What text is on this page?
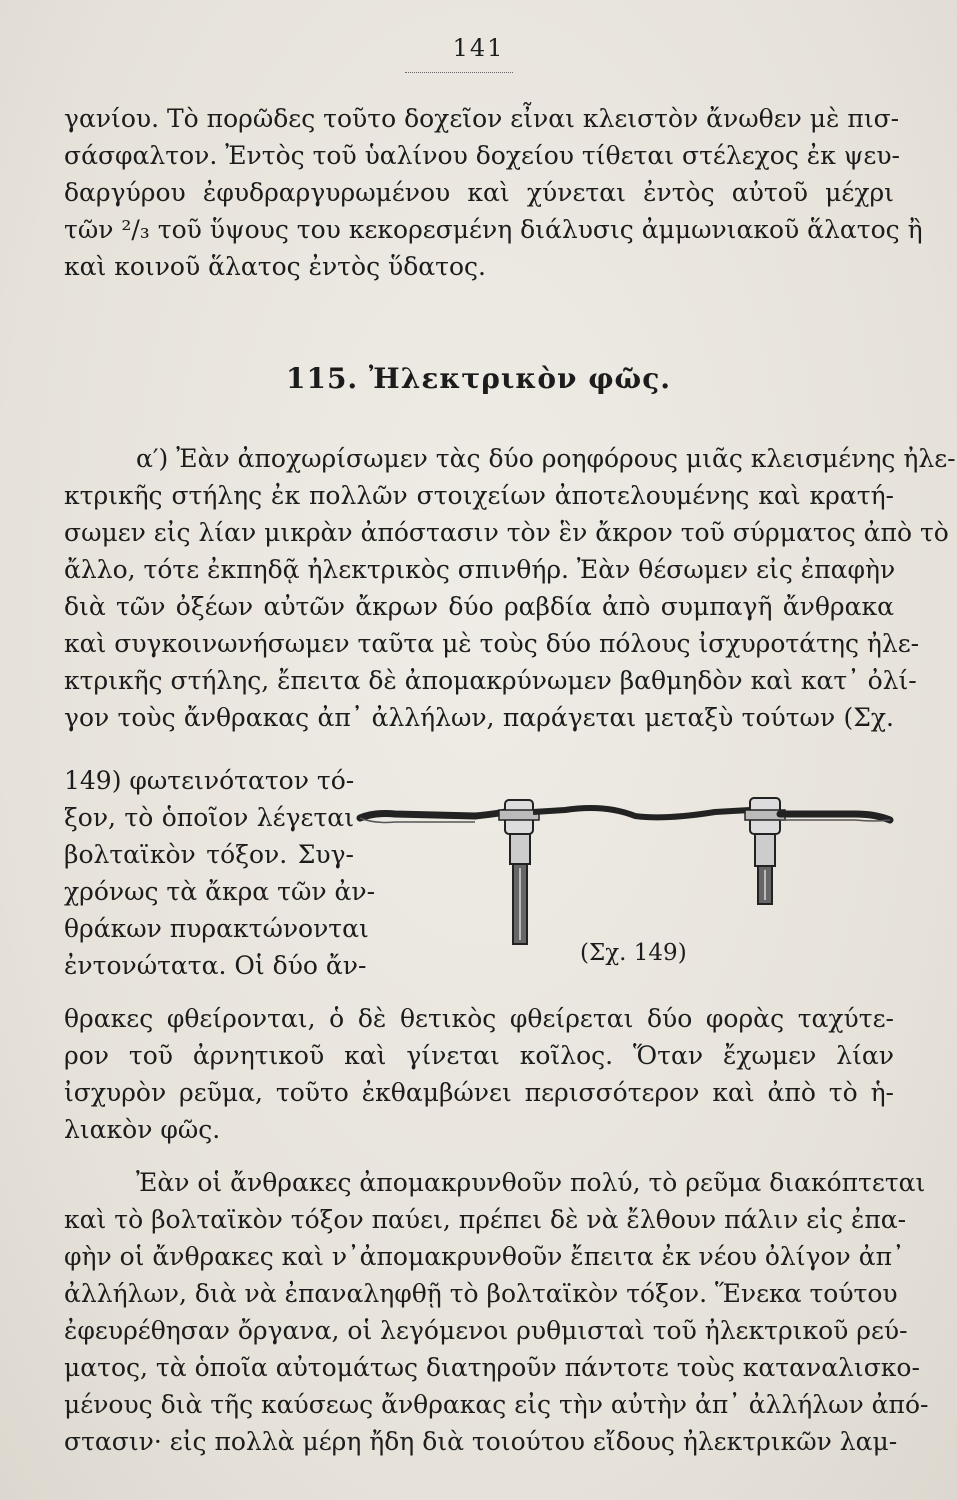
141
γανίου. Τὸ πορῶδες τοῦτο δοχεῖον εἶναι κλειστὸν ἄνωθεν μὲ πισ-
σάσφαλτον. Ἐντὸς τοῦ ὑαλίνου δοχείου τίθεται στέλεχος ἐκ ψευ-
δαργύρου ἐφυδραργυρωμένου καὶ χύνεται ἐντὸς αὐτοῦ μέχρι
τῶν ²/₃ τοῦ ὕψους του κεκορεσμένη διάλυσις ἀμμωνιακοῦ ἅλατος ἢ
καὶ κοινοῦ ἅλατος ἐντὸς ὕδατος.
115. Ἠλεκτρικὸν φῶς.
α′) Ἐὰν ἀποχωρίσωμεν τὰς δύο ροηφόρους μιᾶς κλεισμένης ἠλε-
κτρικῆς στήλης ἐκ πολλῶν στοιχείων ἀποτελουμένης καὶ κρατή-
σωμεν εἰς λίαν μικρὰν ἀπόστασιν τὸν ἓν ἄκρον τοῦ σύρματος ἀπὸ τὸ
ἄλλο, τότε ἐκπηδᾷ ἠλεκτρικὸς σπινθήρ. Ἐὰν θέσωμεν εἰς ἐπαφὴν
διὰ τῶν ὀξέων αὐτῶν ἄκρων δύο ραβδία ἀπὸ συμπαγῆ ἄνθρακα
καὶ συγκοινωνήσωμεν ταῦτα μὲ τοὺς δύο πόλους ἰσχυροτάτης ἠλε-
κτρικῆς στήλης, ἔπειτα δὲ ἀπομακρύνωμεν βαθμηδὸν καὶ κατ᾽ ὀλί-
γον τοὺς ἄνθρακας ἀπ᾽ ἀλλήλων, παράγεται μεταξὺ τούτων (Σχ.
149) φωτεινότατον τό-
ξον, τὸ ὁποῖον λέγεται
βολταϊκὸν τόξον. Συγ-
χρόνως τὰ ἄκρα τῶν ἀν-
θράκων πυρακτώνονται
ἐντονώτατα. Οἱ δύο ἄν-	(Σχ. 149)
θρακες φθείρονται, ὁ δὲ θετικὸς φθείρεται δύο φορὰς ταχύτε-
ρον τοῦ ἀρνητικοῦ καὶ γίνεται κοῖλος. Ὅταν ἔχωμεν λίαν
ἰσχυρὸν ρεῦμα, τοῦτο ἐκθαμβώνει περισσότερον καὶ ἀπὸ τὸ ἡ-
λιακὸν φῶς.
Ἐὰν οἱ ἄνθρακες ἀπομακρυνθοῦν πολύ, τὸ ρεῦμα διακόπτεται
καὶ τὸ βολταϊκὸν τόξον παύει, πρέπει δὲ νὰ ἔλθουν πάλιν εἰς ἐπα-
φὴν οἱ ἄνθρακες καὶ ν᾽ἀπομακρυνθοῦν ἔπειτα ἐκ νέου ὀλίγον ἀπ᾽
ἀλλήλων, διὰ νὰ ἐπαναληφθῇ τὸ βολταϊκὸν τόξον. Ἕνεκα τούτου
ἐφευρέθησαν ὄργανα, οἱ λεγόμενοι ρυθμισταὶ τοῦ ἠλεκτρικοῦ ρεύ-
ματος, τὰ ὁποῖα αὐτομάτως διατηροῦν πάντοτε τοὺς καταναλισκο-
μένους διὰ τῆς καύσεως ἄνθρακας εἰς τὴν αὐτὴν ἀπ᾽ ἀλλήλων ἀπό-
στασιν· εἰς πολλὰ μέρη ἤδη διὰ τοιούτου εἴδους ἠλεκτρικῶν λαμ-
